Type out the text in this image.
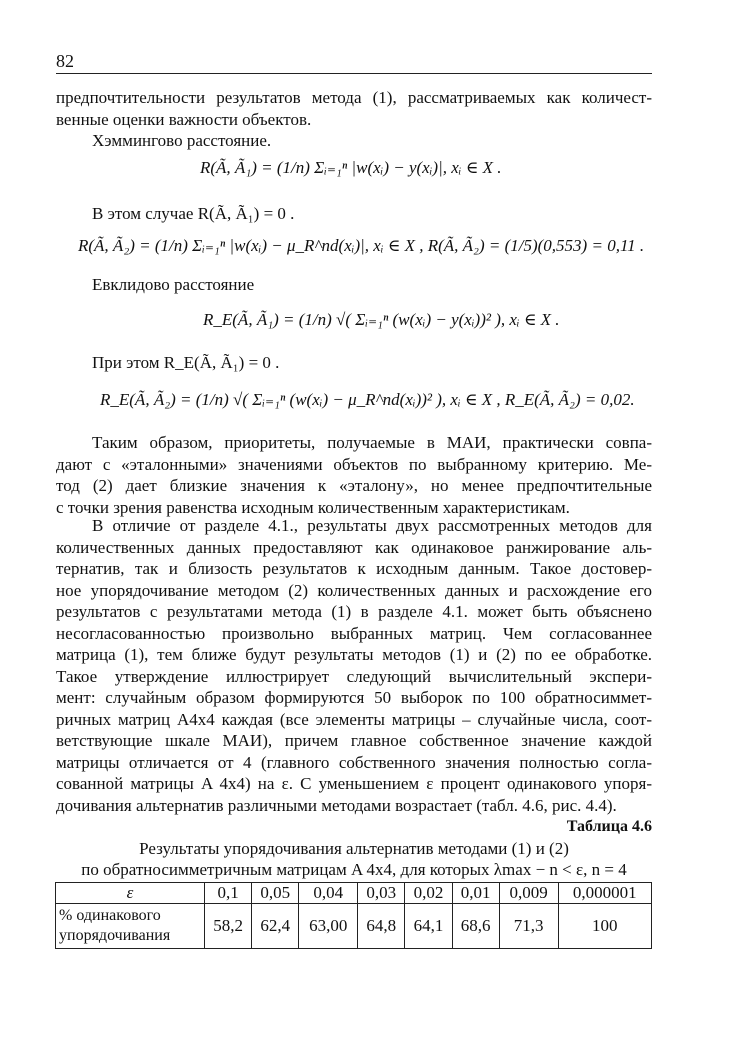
82
предпочтительности результатов метода (1), рассматриваемых как количест-
венные оценки важности объектов.
Хэммингово расстояние.
R(Ã, Ã₁) = (1/n) Σᵢ₌₁ⁿ |w(xᵢ) − y(xᵢ)|, xᵢ ∈ X .
В этом случае R(Ã, Ã₁) = 0 .
R(Ã, Ã₂) = (1/n) Σᵢ₌₁ⁿ |w(xᵢ) − μ_R^nd(xᵢ)|, xᵢ ∈ X , R(Ã, Ã₂) = (1/5)(0,553) = 0,11 .
Евклидово расстояние
R_E(Ã, Ã₁) = (1/n) √( Σᵢ₌₁ⁿ (w(xᵢ) − y(xᵢ))² ), xᵢ ∈ X .
При этом R_E(Ã, Ã₁) = 0 .
R_E(Ã, Ã₂) = (1/n) √( Σᵢ₌₁ⁿ (w(xᵢ) − μ_R^nd(xᵢ))² ), xᵢ ∈ X , R_E(Ã, Ã₂) = 0,02.
Таким образом, приоритеты, получаемые в МАИ, практически совпа-
дают с «эталонными» значениями объектов по выбранному критерию. Ме-
тод (2) дает близкие значения к «эталону», но менее предпочтительные
с точки зрения равенства исходным количественным характеристикам.
В отличие от разделе 4.1., результаты двух рассмотренных методов для
количественных данных предоставляют как одинаковое ранжирование аль-
тернатив, так и близость результатов к исходным данным. Такое достовер-
ное упорядочивание методом (2) количественных данных и расхождение его
результатов с результатами метода (1) в разделе 4.1. может быть объяснено
несогласованностью произвольно выбранных матриц. Чем согласованнее
матрица (1), тем ближе будут результаты методов (1) и (2) по ее обработке.
Такое утверждение иллюстрирует следующий вычислительный экспери-
мент: случайным образом формируются 50 выборок по 100 обратносиммет-
ричных матриц A4x4 каждая (все элементы матрицы – случайные числа, соот-
ветствующие шкале МАИ), причем главное собственное значение каждой
матрицы отличается от 4 (главного собственного значения полностью согла-
сованной матрицы A 4x4) на ε. С уменьшением ε процент одинакового упоря-
дочивания альтернатив различными методами возрастает (табл. 4.6, рис. 4.4).
Таблица 4.6
Результаты упорядочивания альтернатив методами (1) и (2)
по обратносимметричным матрицам A 4x4, для которых λmax − n < ε, n = 4
ε	0,1	0,05	0,04	0,03	0,02	0,01	0,009	0,000001
% одинакового упорядочивания	58,2	62,4	63,00	64,8	64,1	68,6	71,3	100
